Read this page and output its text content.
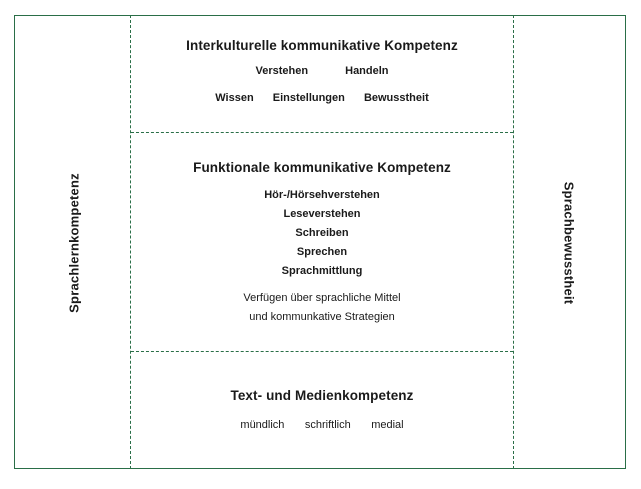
Sprachlernkompetenz	Sprachbewusstheit
Interkulturelle kommunikative Kompetenz
Verstehen	Handeln
Wissen Einstellungen Bewusstheit
Funktionale kommunikative Kompetenz
Hör-/Hörsehverstehen
Leseverstehen
Schreiben
Sprechen
Sprachmittlung
Verfügen über sprachliche Mittel
und kommunkative Strategien
Text- und Medienkompetenz
mündlich schriftlich medial
